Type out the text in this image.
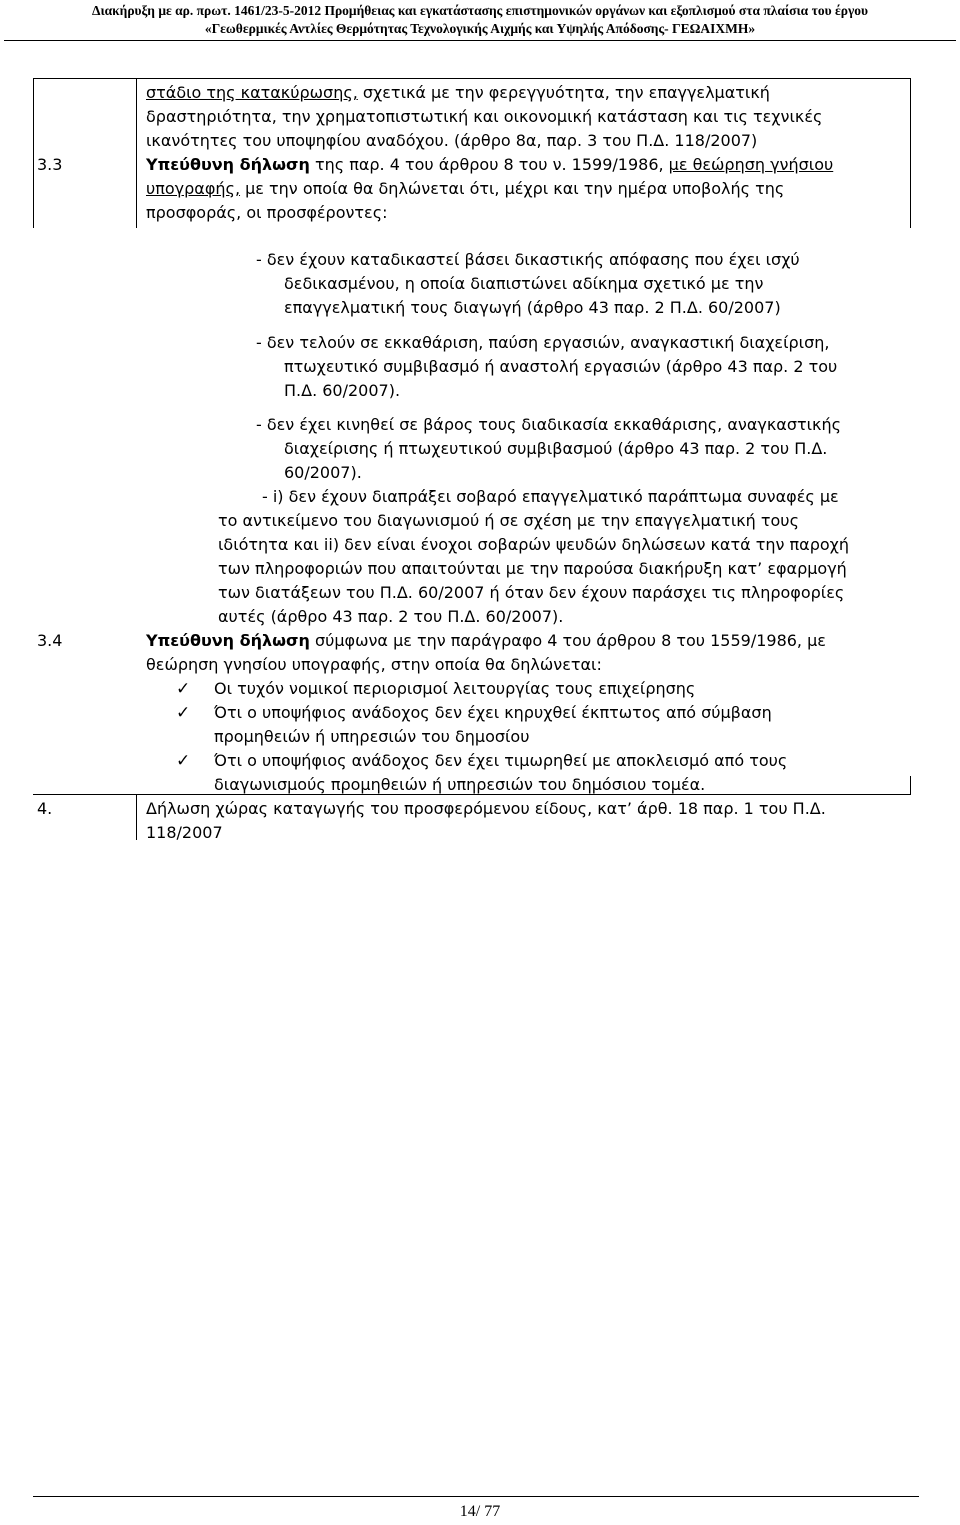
Διακήρυξη με αρ. πρωτ. 1461/23-5-2012 Προμήθειας και εγκατάστασης επιστημονικών οργάνων και εξοπλισμού στα πλαίσια του έργου
«Γεωθερμικές Αντλίες Θερμότητας Τεχνολογικής Αιχμής και Υψηλής Απόδοσης- ΓΕΩΑΙΧΜΗ»
στάδιο της κατακύρωσης, σχετικά με την φερεγγυότητα, την επαγγελματική
δραστηριότητα, την χρηματοπιστωτική και οικονομική κατάσταση και τις τεχνικές
ικανότητες του υποψηφίου αναδόχου. (άρθρο 8α, παρ. 3 του Π.Δ. 118/2007)
3.3	Υπεύθυνη δήλωση της παρ. 4 του άρθρου 8 του ν. 1599/1986, με θεώρηση γνήσιου
υπογραφής, με την οποία θα δηλώνεται ότι, μέχρι και την ημέρα υποβολής της
προσφοράς, οι προσφέροντες:
- δεν έχουν καταδικαστεί βάσει δικαστικής απόφασης που έχει ισχύ
δεδικασμένου, η οποία διαπιστώνει αδίκημα σχετικό με την
επαγγελματική τους διαγωγή (άρθρο 43 παρ. 2 Π.Δ. 60/2007)
- δεν τελούν σε εκκαθάριση, παύση εργασιών, αναγκαστική διαχείριση,
πτωχευτικό συμβιβασμό ή αναστολή εργασιών (άρθρο 43 παρ. 2 του
Π.Δ. 60/2007).
- δεν έχει κινηθεί σε βάρος τους διαδικασία εκκαθάρισης, αναγκαστικής
διαχείρισης ή πτωχευτικού συμβιβασμού (άρθρο 43 παρ. 2 του Π.Δ.
60/2007).
- i) δεν έχουν διαπράξει σοβαρό επαγγελματικό παράπτωμα συναφές με
το αντικείμενο του διαγωνισμού ή σε σχέση με την επαγγελματική τους
ιδιότητα και ii) δεν είναι ένοχοι σοβαρών ψευδών δηλώσεων κατά την παροχή
των πληροφοριών που απαιτούνται με την παρούσα διακήρυξη κατ’ εφαρμογή
των διατάξεων του Π.Δ. 60/2007 ή όταν δεν έχουν παράσχει τις πληροφορίες
αυτές (άρθρο 43 παρ. 2 του Π.Δ. 60/2007).
3.4	Υπεύθυνη δήλωση σύμφωνα με την παράγραφο 4 του άρθρου 8 του 1559/1986, με
θεώρηση γνησίου υπογραφής, στην οποία θα δηλώνεται:
✓ Οι τυχόν νομικοί περιορισμοί λειτουργίας τους επιχείρησης
✓ Ότι ο υποψήφιος ανάδοχος δεν έχει κηρυχθεί έκπτωτος από σύμβαση
προμηθειών ή υπηρεσιών του δημοσίου
✓ Ότι ο υποψήφιος ανάδοχος δεν έχει τιμωρηθεί με αποκλεισμό από τους
διαγωνισμούς προμηθειών ή υπηρεσιών του δημόσιου τομέα.
4.	Δήλωση χώρας καταγωγής του προσφερόμενου είδους, κατ’ άρθ. 18 παρ. 1 του Π.Δ.
118/2007
14/ 77
